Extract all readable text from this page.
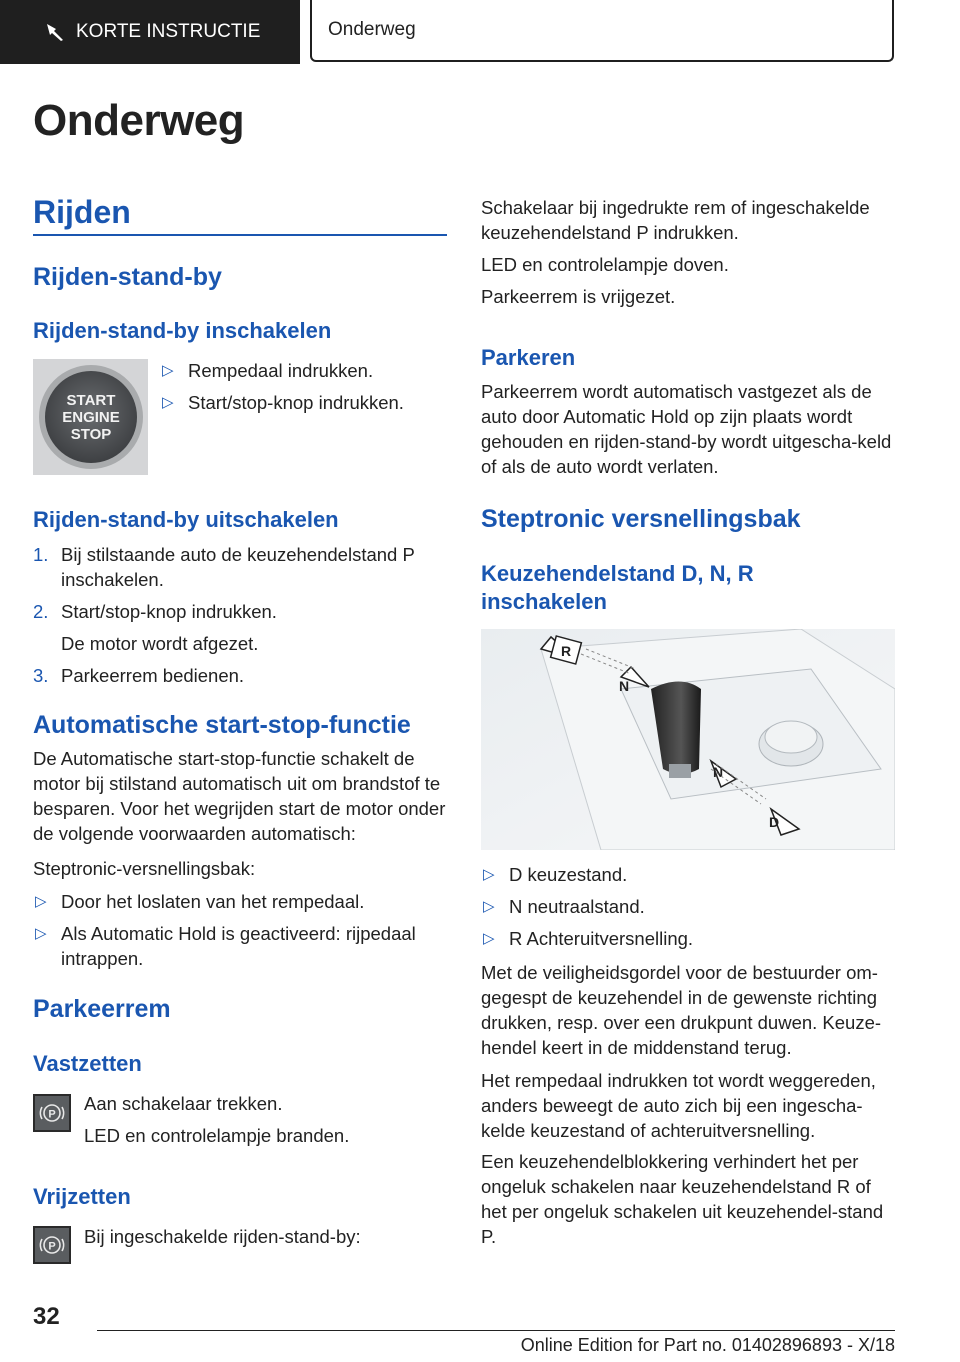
KORTE INSTRUCTIE	Onderweg
Onderweg
Rijden
Rijden-stand-by
Rijden-stand-by inschakelen
START
ENGINE
STOP
▷ Rempedaal indrukken.
▷ Start/stop-knop indrukken.
Rijden-stand-by uitschakelen
1. Bij stilstaande auto de keuzehendelstand P inschakelen.
2. Start/stop-knop indrukken.
De motor wordt afgezet.
3. Parkeerrem bedienen.
Automatische start-stop-functie
De Automatische start-stop-functie schakelt de motor bij stilstand automatisch uit om brandstof te besparen. Voor het wegrijden start de motor onder de volgende voorwaarden automatisch:
Steptronic-versnellingsbak:
▷ Door het loslaten van het rempedaal.
▷ Als Automatic Hold is geactiveerd: rijpedaal intrappen.
Parkeerrem
Vastzetten
P
Aan schakelaar trekken.
LED en controlelampje branden.
Vrijzetten
P Bij ingeschakelde rijden-stand-by:
Schakelaar bij ingedrukte rem of ingeschakelde keuzehendelstand P indrukken.
LED en controlelampje doven.
Parkeerrem is vrijgezet.
Parkeren
Parkeerrem wordt automatisch vastgezet als de auto door Automatic Hold op zijn plaats wordt gehouden en rijden-stand-by wordt uitgescha-keld of als de auto wordt verlaten.
Steptronic versnellingsbak
Keuzehendelstand D, N, R
inschakelen
R
N
N
D
▷ D keuzestand.
▷ N neutraalstand.
▷ R Achteruitversnelling.
Met de veiligheidsgordel voor de bestuurder om-gegespt de keuzehendel in de gewenste richting drukken, resp. over een drukpunt duwen. Keuze-hendel keert in de middenstand terug.
Het rempedaal indrukken tot wordt weggereden, anders beweegt de auto zich bij een ingescha-kelde keuzestand of achteruitversnelling.
Een keuzehendelblokkering verhindert het per ongeluk schakelen naar keuzehendelstand R of het per ongeluk schakelen uit keuzehendel-stand P.
32
Online Edition for Part no. 01402896893 - X/18
